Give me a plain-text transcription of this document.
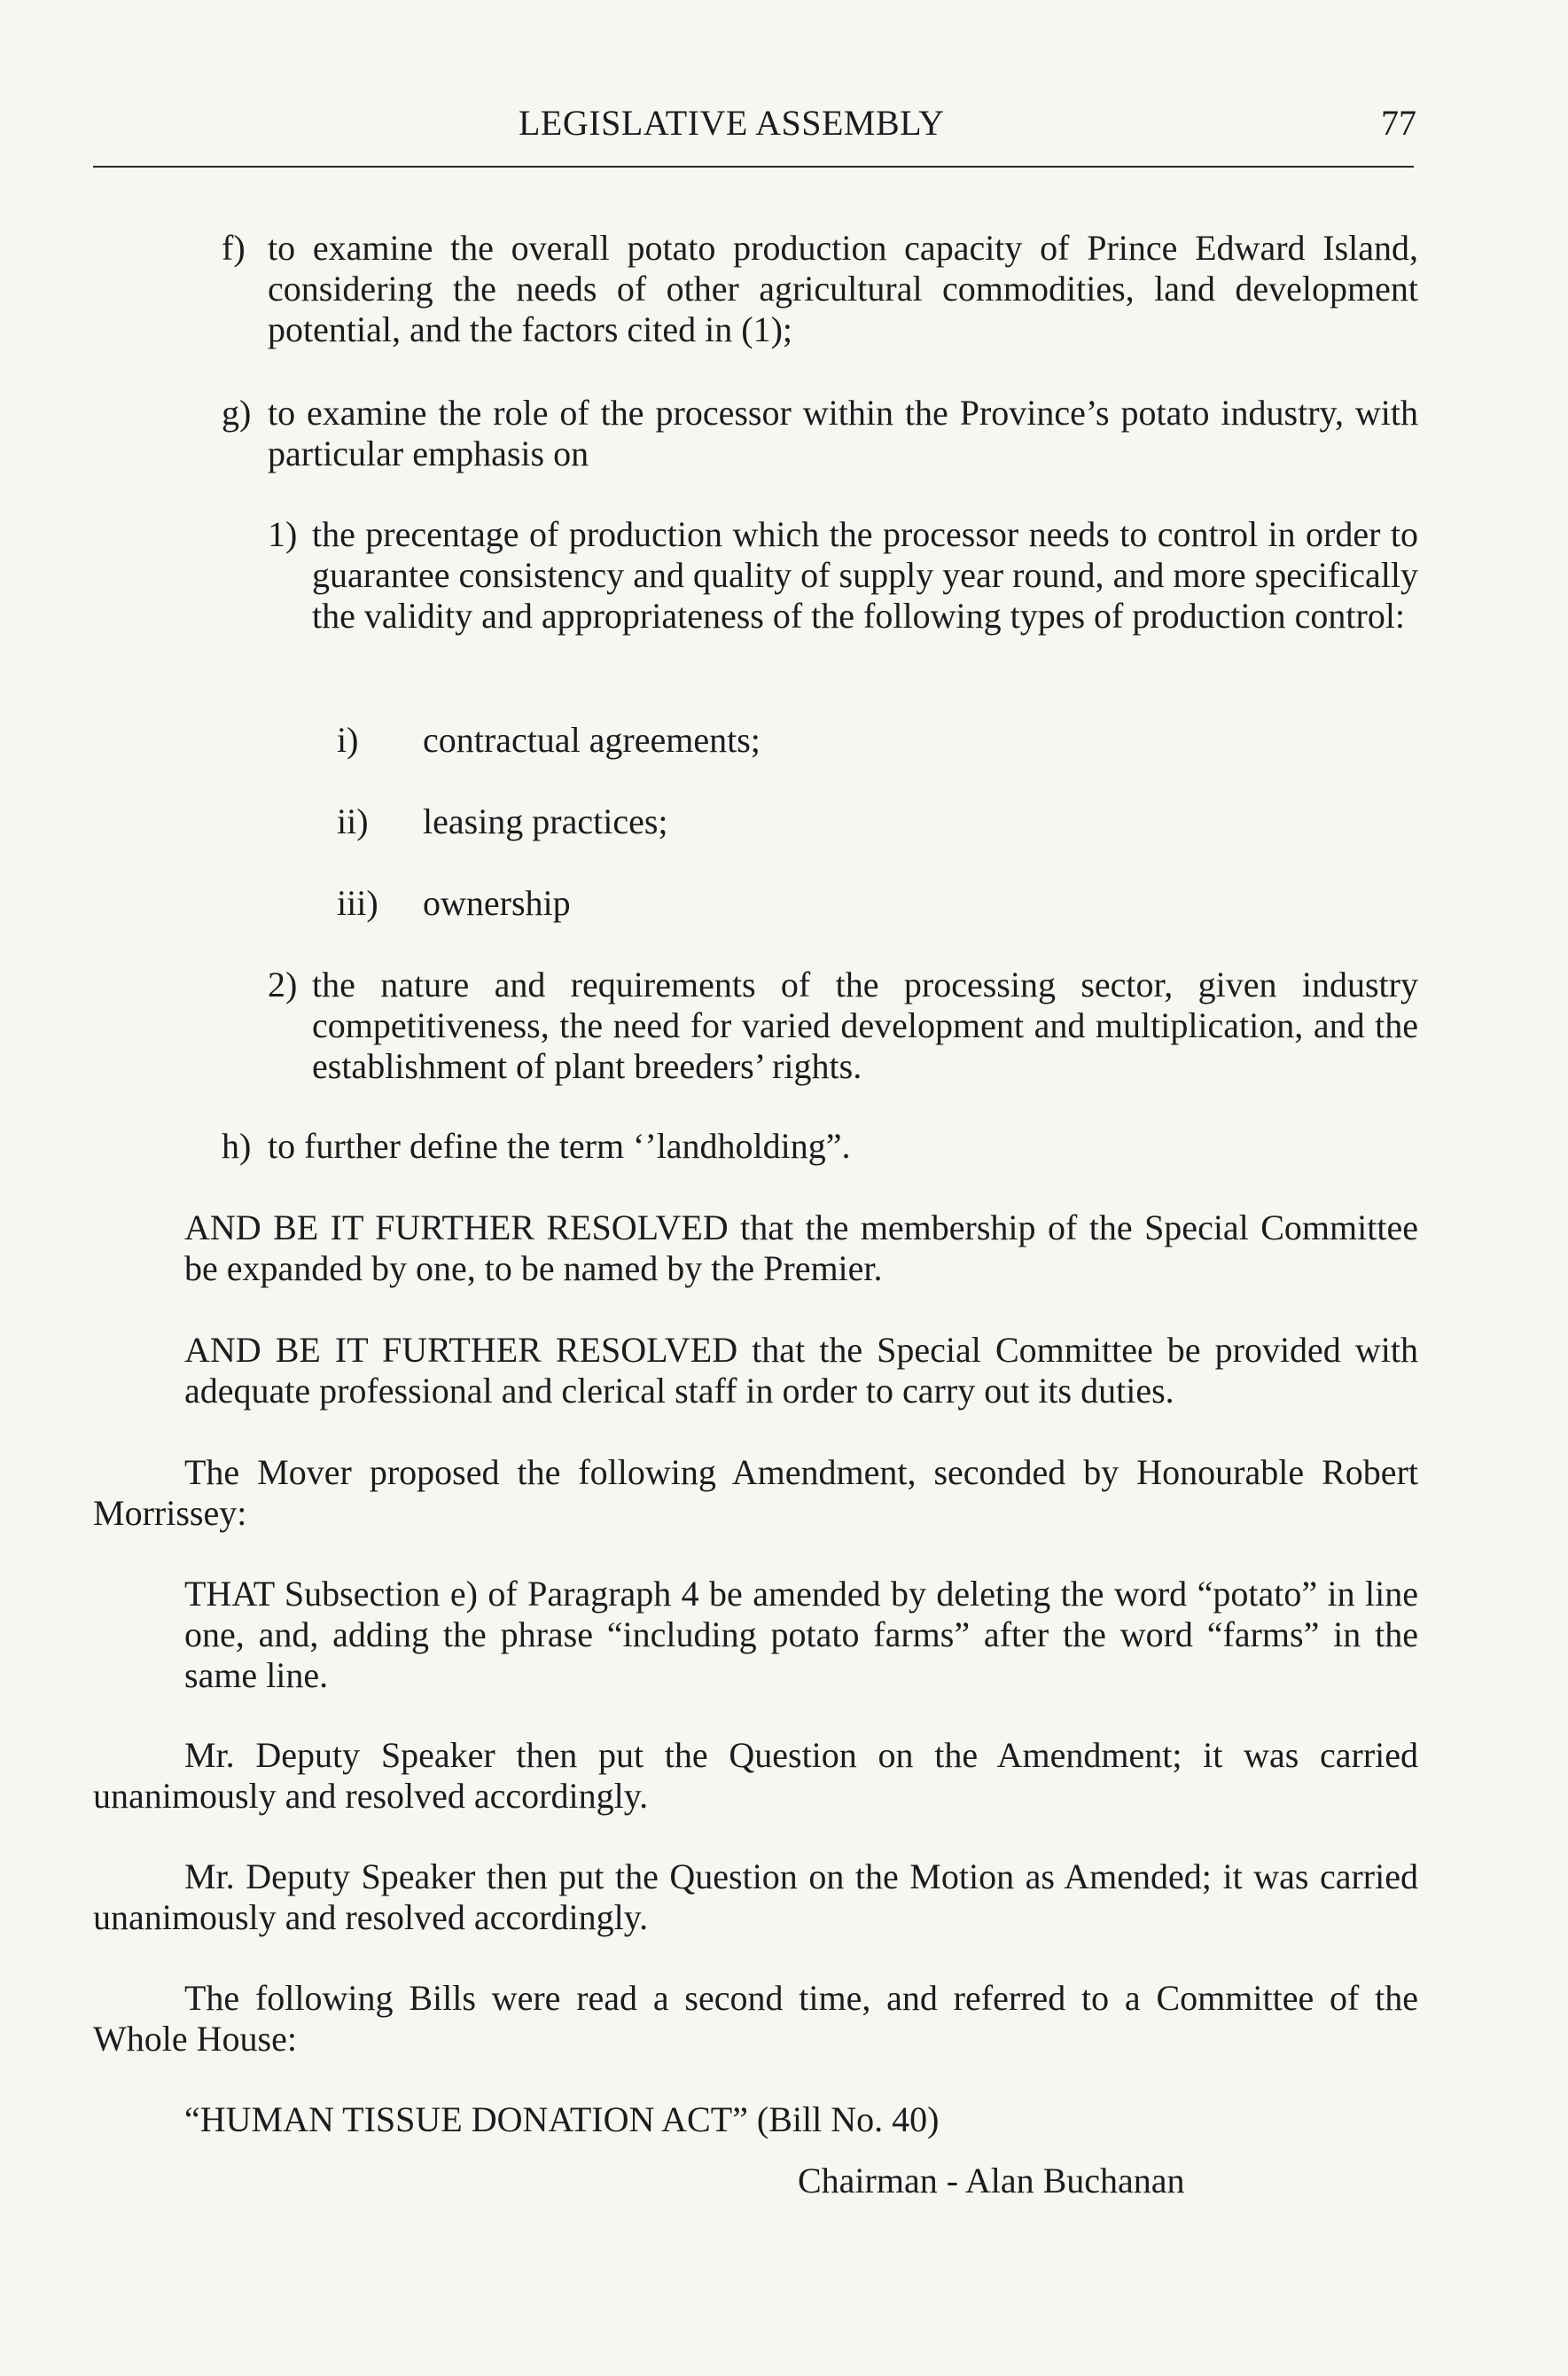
LEGISLATIVE ASSEMBLY	77
f) to examine the overall potato production capacity of Prince Edward Island, considering the needs of other agricultural commodities, land development potential, and the factors cited in (1);

g) to examine the role of the processor within the Province’s potato industry, with particular emphasis on

1) the precentage of production which the processor needs to control in order to guarantee consistency and quality of supply year round, and more specifically the validity and appropriateness of the following types of production control:

i)	contractual agreements;
ii)	leasing practices;
iii)	ownership
2) the nature and requirements of the processing sector, given industry competitiveness, the need for varied development and multiplication, and the establishment of plant breeders’ rights.

h) to further define the term ‘’landholding”.

AND BE IT FURTHER RESOLVED that the membership of the Special Committee be expanded by one, to be named by the Premier.

AND BE IT FURTHER RESOLVED that the Special Committee be provided with adequate professional and clerical staff in order to carry out its duties.

The Mover proposed the following Amendment, seconded by Honourable Robert Morrissey:

THAT Subsection e) of Paragraph 4 be amended by deleting the word “potato” in line one, and, adding the phrase “including potato farms” after the word “farms” in the same line.

Mr. Deputy Speaker then put the Question on the Amendment; it was carried unanimously and resolved accordingly.

Mr. Deputy Speaker then put the Question on the Motion as Amended; it was carried unanimously and resolved accordingly.

The following Bills were read a second time, and referred to a Committee of the Whole House:

“HUMAN TISSUE DONATION ACT” (Bill No. 40)
Chairman - Alan Buchanan
